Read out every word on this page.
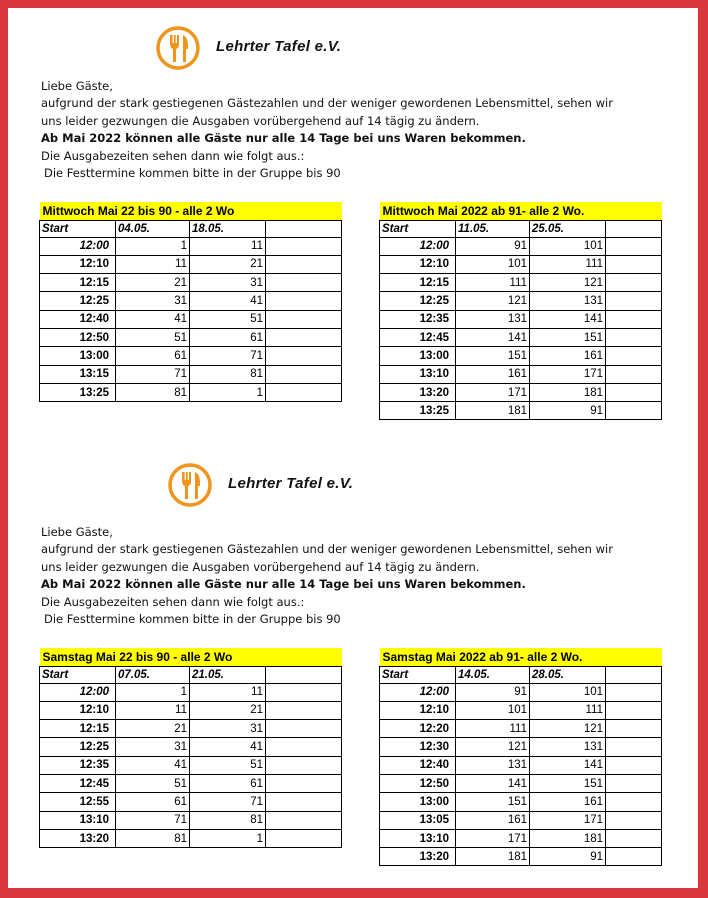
Lehrter Tafel e.V.
Liebe Gäste,
aufgrund der stark gestiegenen Gästezahlen und der weniger gewordenen Lebensmittel, sehen wir
uns leider gezwungen die Ausgaben vorübergehend auf 14 tägig zu ändern.
Ab Mai 2022 können alle Gäste nur alle 14 Tage bei uns Waren bekommen.
Die Ausgabezeiten sehen dann wie folgt aus.:
Die Festtermine kommen bitte in der Gruppe bis 90
Mittwoch Mai 22 bis 90 - alle 2 Wo			
Start	04.05.	18.05.	
12:00	1	11	
12:10	11	21	
12:15	21	31	
12:25	31	41	
12:40	41	51	
12:50	51	61	
13:00	61	71	
13:15	71	81	
13:25	81	1	
Mittwoch Mai 2022 ab 91- alle 2 Wo.			
Start	11.05.	25.05.	
12:00	91	101	
12:10	101	111	
12:15	111	121	
12:25	121	131	
12:35	131	141	
12:45	141	151	
13:00	151	161	
13:10	161	171	
13:20	171	181	
13:25	181	91	
Lehrter Tafel e.V.
Liebe Gäste,
aufgrund der stark gestiegenen Gästezahlen und der weniger gewordenen Lebensmittel, sehen wir
uns leider gezwungen die Ausgaben vorübergehend auf 14 tägig zu ändern.
Ab Mai 2022 können alle Gäste nur alle 14 Tage bei uns Waren bekommen.
Die Ausgabezeiten sehen dann wie folgt aus.:
Die Festtermine kommen bitte in der Gruppe bis 90
Samstag Mai 22 bis 90 - alle 2 Wo			
Start	07.05.	21.05.	
12:00	1	11	
12:10	11	21	
12:15	21	31	
12:25	31	41	
12:35	41	51	
12:45	51	61	
12:55	61	71	
13:10	71	81	
13:20	81	1	
Samstag Mai 2022 ab 91- alle 2 Wo.			
Start	14.05.	28.05.	
12:00	91	101	
12:10	101	111	
12:20	111	121	
12:30	121	131	
12:40	131	141	
12:50	141	151	
13:00	151	161	
13:05	161	171	
13:10	171	181	
13:20	181	91	
